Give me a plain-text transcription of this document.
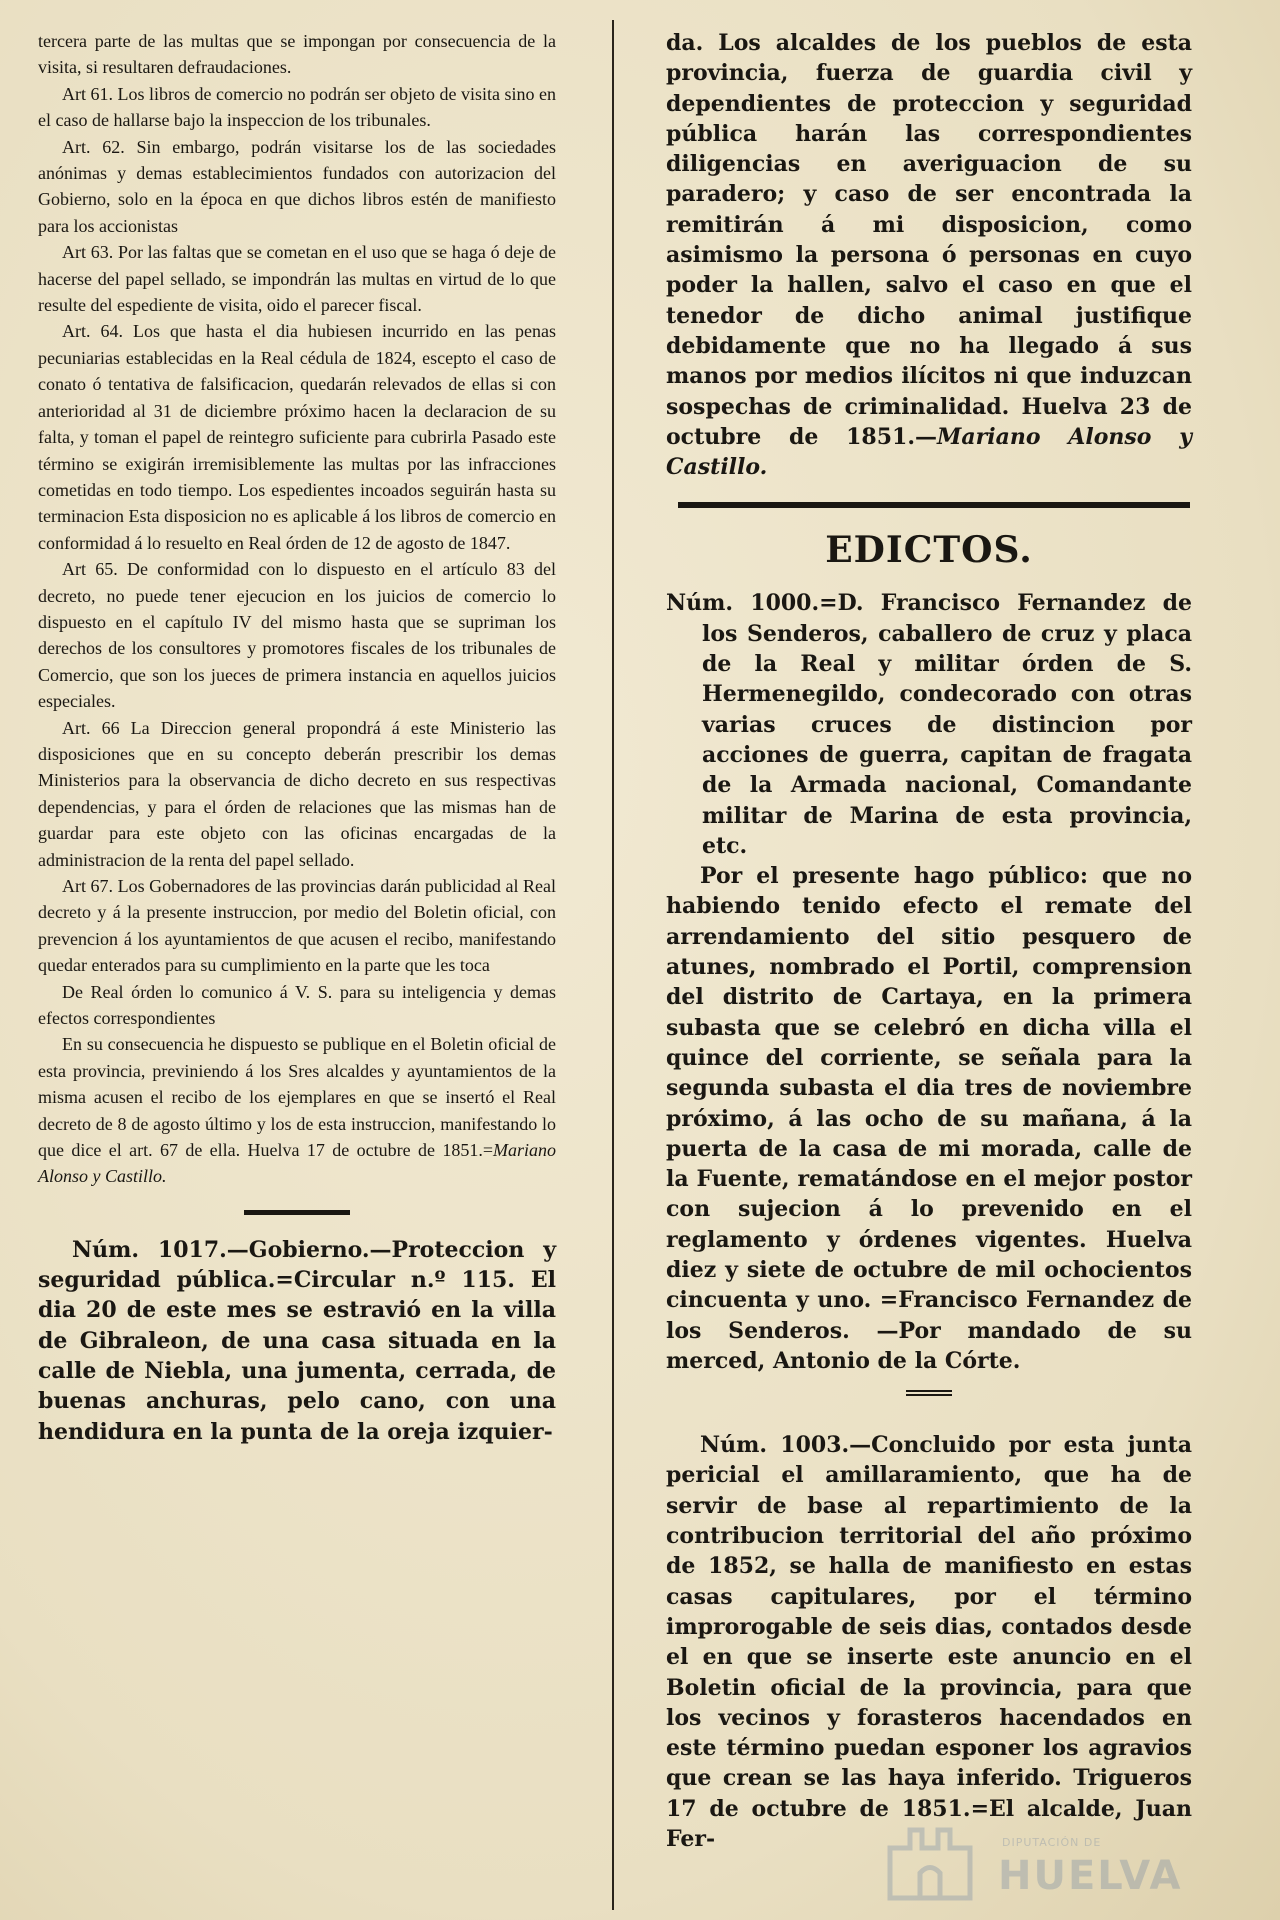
tercera parte de las multas que se impongan por consecuencia de la visita, si resultaren defraudaciones.

Art 61. Los libros de comercio no podrán ser objeto de visita sino en el caso de hallarse bajo la inspeccion de los tribunales.

Art. 62. Sin embargo, podrán visitarse los de las sociedades anónimas y demas establecimientos fundados con autorizacion del Gobierno, solo en la época en que dichos libros estén de manifiesto para los accionistas

Art 63. Por las faltas que se cometan en el uso que se haga ó deje de hacerse del papel sellado, se impondrán las multas en virtud de lo que resulte del espediente de visita, oido el parecer fiscal.

Art. 64. Los que hasta el dia hubiesen incurrido en las penas pecuniarias establecidas en la Real cédula de 1824, escepto el caso de conato ó tentativa de falsificacion, quedarán relevados de ellas si con anterioridad al 31 de diciembre próximo hacen la declaracion de su falta, y toman el papel de reintegro suficiente para cubrirla Pasado este término se exigirán irremisiblemente las multas por las infracciones cometidas en todo tiempo. Los espedientes incoados seguirán hasta su terminacion Esta disposicion no es aplicable á los libros de comercio en conformidad á lo resuelto en Real órden de 12 de agosto de 1847.

Art 65. De conformidad con lo dispuesto en el artículo 83 del decreto, no puede tener ejecucion en los juicios de comercio lo dispuesto en el capítulo IV del mismo hasta que se supriman los derechos de los consultores y promotores fiscales de los tribunales de Comercio, que son los jueces de primera instancia en aquellos juicios especiales.

Art. 66 La Direccion general propondrá á este Ministerio las disposiciones que en su concepto deberán prescribir los demas Ministerios para la observancia de dicho decreto en sus respectivas dependencias, y para el órden de relaciones que las mismas han de guardar para este objeto con las oficinas encargadas de la administracion de la renta del papel sellado.

Art 67. Los Gobernadores de las provincias darán publicidad al Real decreto y á la presente instruccion, por medio del Boletin oficial, con prevencion á los ayuntamientos de que acusen el recibo, manifestando quedar enterados para su cumplimiento en la parte que les toca

De Real órden lo comunico á V. S. para su inteligencia y demas efectos correspondientes

En su consecuencia he dispuesto se publique en el Boletin oficial de esta provincia, previniendo á los Sres alcaldes y ayuntamientos de la misma acusen el recibo de los ejemplares en que se insertó el Real decreto de 8 de agosto último y los de esta instruccion, manifestando lo que dice el art. 67 de ella. Huelva 17 de octubre de 1851.=Mariano Alonso y Castillo.

Núm. 1017.—Gobierno.—Proteccion y seguridad pública.=Circular n.º 115. El dia 20 de este mes se estravió en la villa de Gibraleon, de una casa situada en la calle de Niebla, una jumenta, cerrada, de buenas anchuras, pelo cano, con una hendidura en la punta de la oreja izquier-

da. Los alcaldes de los pueblos de esta provincia, fuerza de guardia civil y dependientes de proteccion y seguridad pública harán las correspondientes diligencias en averiguacion de su paradero; y caso de ser encontrada la remitirán á mi disposicion, como asimismo la persona ó personas en cuyo poder la hallen, salvo el caso en que el tenedor de dicho animal justifique debidamente que no ha llegado á sus manos por medios ilícitos ni que induzcan sospechas de criminalidad. Huelva 23 de octubre de 1851.—Mariano Alonso y Castillo.

EDICTOS.

Núm. 1000.=D. Francisco Fernandez de los Senderos, caballero de cruz y placa de la Real y militar órden de S. Hermenegildo, condecorado con otras varias cruces de distincion por acciones de guerra, capitan de fragata de la Armada nacional, Comandante militar de Marina de esta provincia, etc.

Por el presente hago público: que no habiendo tenido efecto el remate del arrendamiento del sitio pesquero de atunes, nombrado el Portil, comprension del distrito de Cartaya, en la primera subasta que se celebró en dicha villa el quince del corriente, se señala para la segunda subasta el dia tres de noviembre próximo, á las ocho de su mañana, á la puerta de la casa de mi morada, calle de la Fuente, rematándose en el mejor postor con sujecion á lo prevenido en el reglamento y órdenes vigentes. Huelva diez y siete de octubre de mil ochocientos cincuenta y uno. =Francisco Fernandez de los Senderos. —Por mandado de su merced, Antonio de la Córte.

Núm. 1003.—Concluido por esta junta pericial el amillaramiento, que ha de servir de base al repartimiento de la contribucion territorial del año próximo de 1852, se halla de manifiesto en estas casas capitulares, por el término improrogable de seis dias, contados desde el en que se inserte este anuncio en el Boletin oficial de la provincia, para que los vecinos y forasteros hacendados en este término puedan esponer los agravios que crean se las haya inferido. Trigueros 17 de octubre de 1851.=El alcalde, Juan Fer-	DIPUTACIÓN DE
HUELVA
